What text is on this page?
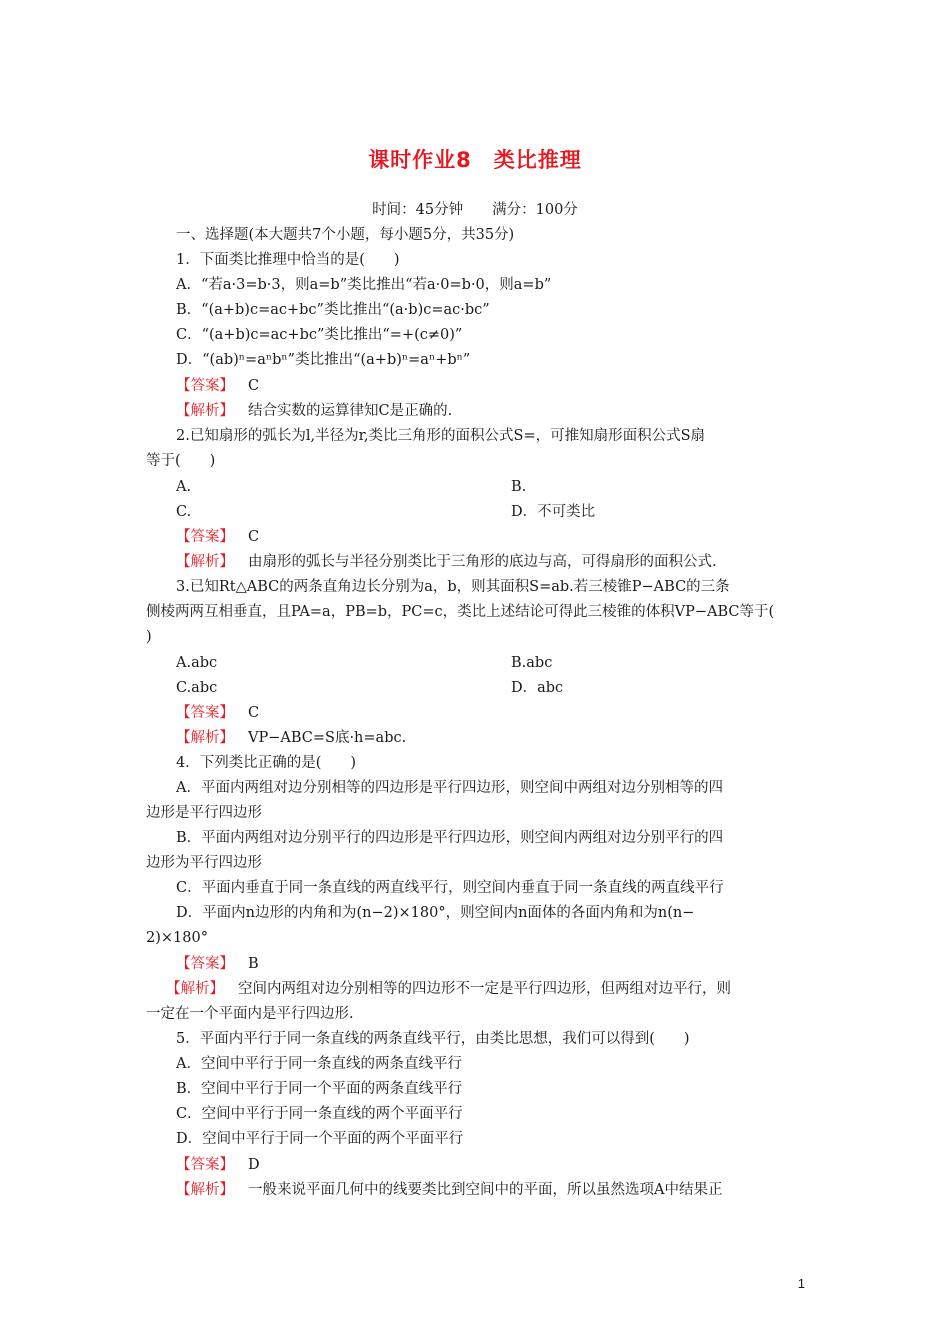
课时作业8　类比推理
时间：45分钟　　满分：100分
一、选择题(本大题共7个小题，每小题5分，共35分)
1．下面类比推理中恰当的是(　　)
A．“若a·3=b·3，则a=b”类比推出“若a·0=b·0，则a=b”
B．“(a+b)c=ac+bc”类比推出“(a·b)c=ac·bc”
C．“(a+b)c=ac+bc”类比推出“=+(c≠0)”
D．“(ab)ⁿ=aⁿbⁿ”类比推出“(a+b)ⁿ=aⁿ+bⁿ”
【答案】 C
【解析】 结合实数的运算律知C是正确的.
2.已知扇形的弧长为l,半径为r,类比三角形的面积公式S=，可推知扇形面积公式S扇
等于(　　)
A.	B.
C.	D．不可类比
【答案】 C
【解析】 由扇形的弧长与半径分别类比于三角形的底边与高，可得扇形的面积公式.
3.已知Rt△ABC的两条直角边长分别为a，b，则其面积S=ab.若三棱锥P−ABC的三条
侧棱两两互相垂直，且PA=a，PB=b，PC=c，类比上述结论可得此三棱锥的体积VP−ABC等于(
)
A.abc	B.abc
C.abc	D．abc
【答案】 C
【解析】 VP−ABC=S底·h=abc.
4．下列类比正确的是(　　)
A．平面内两组对边分别相等的四边形是平行四边形，则空间中两组对边分别相等的四
边形是平行四边形
B．平面内两组对边分别平行的四边形是平行四边形，则空间内两组对边分别平行的四
边形为平行四边形
C．平面内垂直于同一条直线的两直线平行，则空间内垂直于同一条直线的两直线平行
D．平面内n边形的内角和为(n−2)×180°，则空间内n面体的各面内角和为n(n−
2)×180°
【答案】 B
【解析】 空间内两组对边分别相等的四边形不一定是平行四边形，但两组对边平行，则
一定在一个平面内是平行四边形.
5．平面内平行于同一条直线的两条直线平行，由类比思想，我们可以得到(　　)
A．空间中平行于同一条直线的两条直线平行
B．空间中平行于同一个平面的两条直线平行
C．空间中平行于同一条直线的两个平面平行
D．空间中平行于同一个平面的两个平面平行
【答案】 D
【解析】 一般来说平面几何中的线要类比到空间中的平面，所以虽然选项A中结果正
1
